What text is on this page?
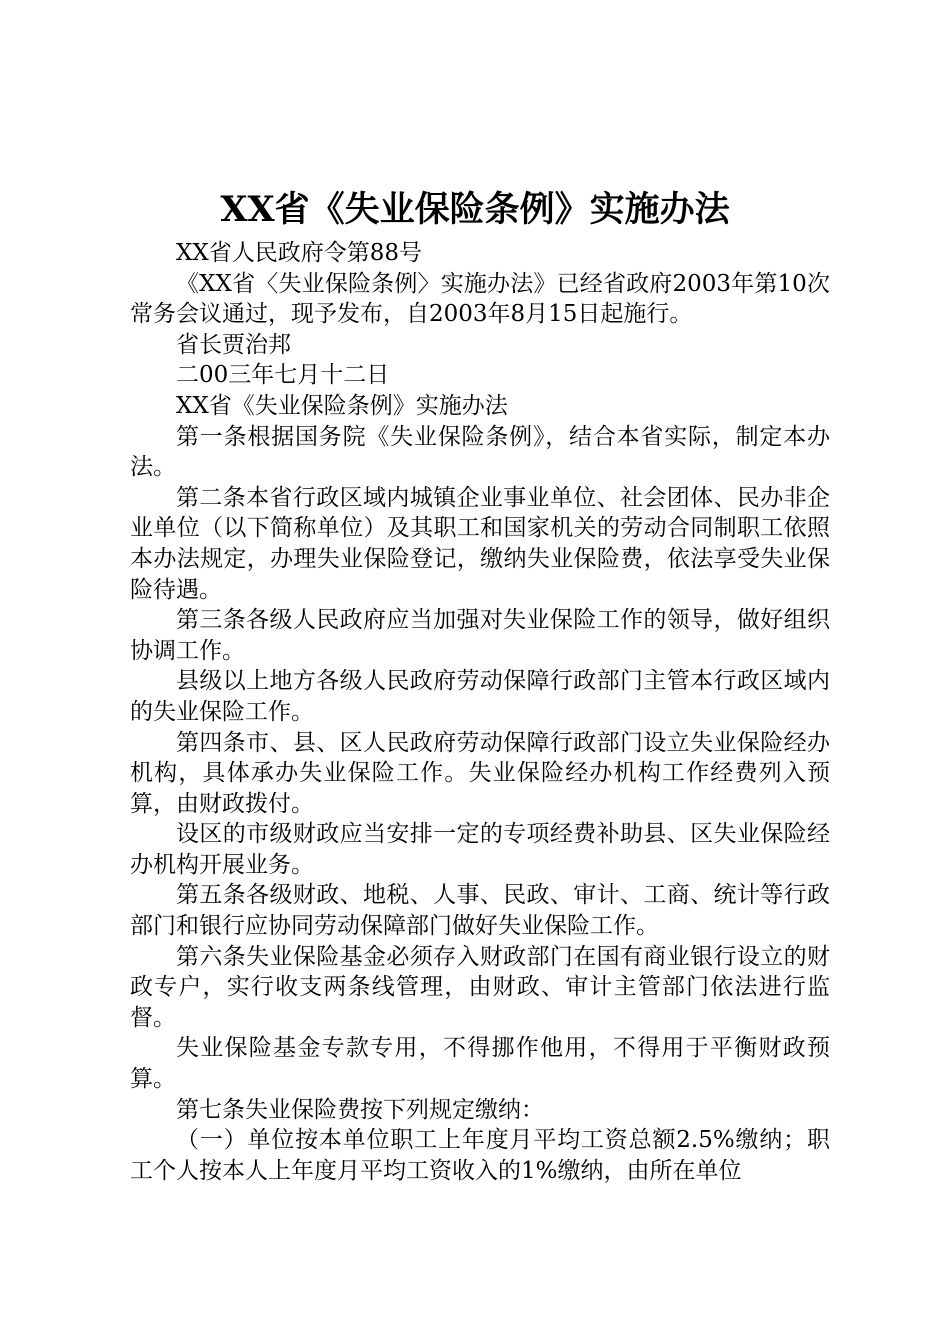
XX省《失业保险条例》实施办法

XX省人民政府令第88号

《XX省〈失业保险条例〉实施办法》已经省政府2003年第10次常务会议通过，现予发布，自2003年8月15日起施行。

省长贾治邦

二00三年七月十二日

XX省《失业保险条例》实施办法

第一条根据国务院《失业保险条例》，结合本省实际，制定本办法。

第二条本省行政区域内城镇企业事业单位、社会团体、民办非企业单位（以下简称单位）及其职工和国家机关的劳动合同制职工依照本办法规定，办理失业保险登记，缴纳失业保险费，依法享受失业保险待遇。

第三条各级人民政府应当加强对失业保险工作的领导，做好组织协调工作。

县级以上地方各级人民政府劳动保障行政部门主管本行政区域内的失业保险工作。

第四条市、县、区人民政府劳动保障行政部门设立失业保险经办机构，具体承办失业保险工作。失业保险经办机构工作经费列入预算，由财政拨付。

设区的市级财政应当安排一定的专项经费补助县、区失业保险经办机构开展业务。

第五条各级财政、地税、人事、民政、审计、工商、统计等行政部门和银行应协同劳动保障部门做好失业保险工作。

第六条失业保险基金必须存入财政部门在国有商业银行设立的财政专户，实行收支两条线管理，由财政、审计主管部门依法进行监督。

失业保险基金专款专用，不得挪作他用，不得用于平衡财政预算。

第七条失业保险费按下列规定缴纳：

（一）单位按本单位职工上年度月平均工资总额2.5%缴纳；职工个人按本人上年度月平均工资收入的1%缴纳，由所在单位
